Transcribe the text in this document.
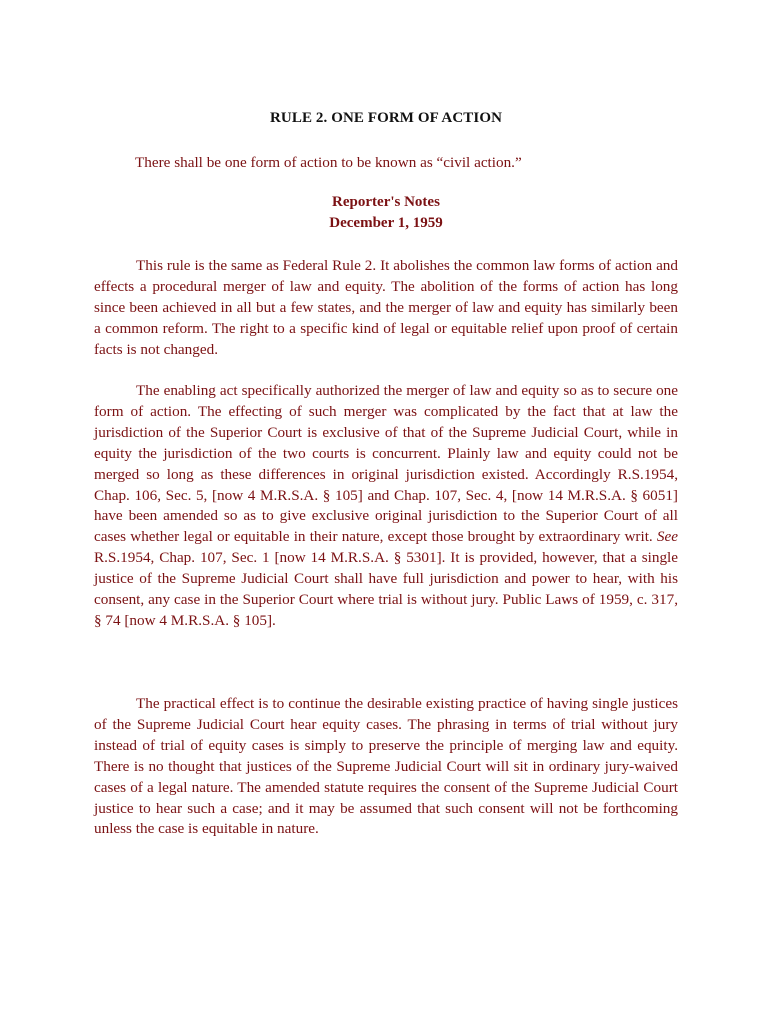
RULE 2. ONE FORM OF ACTION

There shall be one form of action to be known as “civil action.”

Reporter's Notes
December 1, 1959

This rule is the same as Federal Rule 2. It abolishes the common law forms of action and effects a procedural merger of law and equity. The abolition of the forms of action has long since been achieved in all but a few states, and the merger of law and equity has similarly been a common reform. The right to a specific kind of legal or equitable relief upon proof of certain facts is not changed.

The enabling act specifically authorized the merger of law and equity so as to secure one form of action. The effecting of such merger was complicated by the fact that at law the jurisdiction of the Superior Court is exclusive of that of the Supreme Judicial Court, while in equity the jurisdiction of the two courts is concurrent. Plainly law and equity could not be merged so long as these differences in original jurisdiction existed. Accordingly R.S.1954, Chap. 106, Sec. 5, [now 4 M.R.S.A. § 105] and Chap. 107, Sec. 4, [now 14 M.R.S.A. § 6051] have been amended so as to give exclusive original jurisdiction to the Superior Court of all cases whether legal or equitable in their nature, except those brought by extraordinary writ. See R.S.1954, Chap. 107, Sec. 1 [now 14 M.R.S.A. § 5301]. It is provided, however, that a single justice of the Supreme Judicial Court shall have full jurisdiction and power to hear, with his consent, any case in the Superior Court where trial is without jury. Public Laws of 1959, c. 317, § 74 [now 4 M.R.S.A. § 105].

The practical effect is to continue the desirable existing practice of having single justices of the Supreme Judicial Court hear equity cases. The phrasing in terms of trial without jury instead of trial of equity cases is simply to preserve the principle of merging law and equity. There is no thought that justices of the Supreme Judicial Court will sit in ordinary jury-waived cases of a legal nature. The amended statute requires the consent of the Supreme Judicial Court justice to hear such a case; and it may be assumed that such consent will not be forthcoming unless the case is equitable in nature.
